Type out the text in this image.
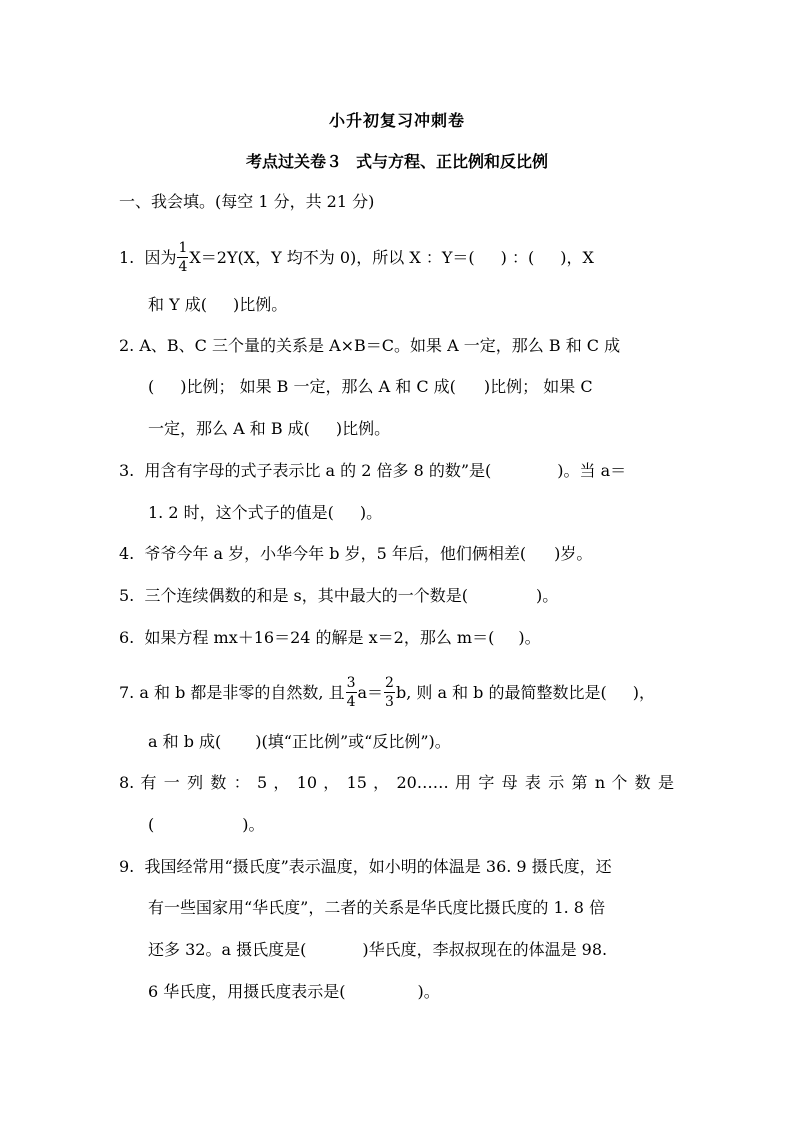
小升初复习冲刺卷
考点过关卷３ 式与方程、正比例和反比例
一、我会填。(每空 1 分，共 21 分)
1. 因为 $\frac{1}{4} X=2Y(X$，Y 均不为 0)，所以 X ：Y＝( ) ：( )，X
和 Y 成( )比例。
2. A、B、C 三个量的关系是 A×B＝C。如果 A 一定，那么 B 和 C 成
( )比例； 如果 B 一定，那么 A 和 C 成( )比例； 如果 C
一定，那么 A 和 B 成( )比例。
3. 用含有字母的式子表示比 a 的 2 倍多 8 的数”是(	)。当 a＝
1. 2 时，这个式子的值是( )。
4. 爷爷今年 a 岁，小华今年 b 岁，5 年后，他们俩相差( )岁。
5. 三个连续偶数的和是 s，其中最大的一个数是(	)。
6. 如果方程 mx＋16＝24 的解是 x＝2，那么 m＝( )。
7. a 和 b 都是非零的自然数, 且 $\frac{3}{4} a= \frac{2}{3} b$, 则 a 和 b 的最简整数比是( )，
a 和 b 成( )(填“正比例”或“反比例”)。
8. 有 一 列 数 ： 5 ， 10 ， 15 ， 20…… 用 字 母 表 示 第 n 个 数 是
(	)。
9. 我国经常用“摄氏度”表示温度，如小明的体温是 36. 9 摄氏度，还
有一些国家用“华氏度”，二者的关系是华氏度比摄氏度的 1. 8 倍
还多 32。a 摄氏度是(	)华氏度，李叔叔现在的体温是 98.
6 华氏度，用摄氏度表示是(	)。
